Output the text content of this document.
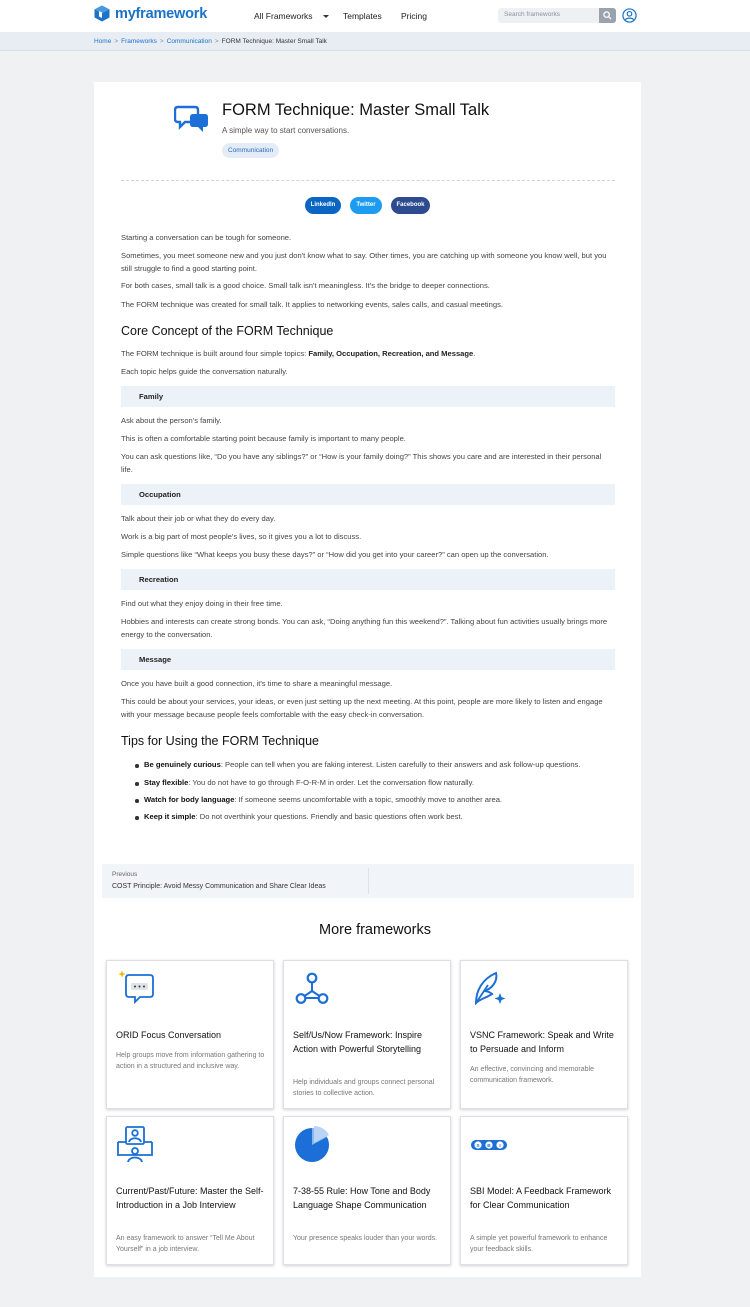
myframework	All Frameworks	Templates Pricing	Search frameworks
Home > Frameworks > Communication > FORM Technique: Master Small Talk
FORM Technique: Master Small Talk
A simple way to start conversations.
Communication
LinkedIn	Twitter	Facebook
Starting a conversation can be tough for someone.
Sometimes, you meet someone new and you just don't know what to say. Other times, you are catching up with someone you know well, but you still struggle to find a good starting point.
For both cases, small talk is a good choice. Small talk isn't meaningless. It's the bridge to deeper connections.
The FORM technique was created for small talk. It applies to networking events, sales calls, and casual meetings.
Core Concept of the FORM Technique
The FORM technique is built around four simple topics: Family, Occupation, Recreation, and Message.
Each topic helps guide the conversation naturally.
Family
Ask about the person's family.
This is often a comfortable starting point because family is important to many people.
You can ask questions like, “Do you have any siblings?” or “How is your family doing?” This shows you care and are interested in their personal life.
Occupation
Talk about their job or what they do every day.
Work is a big part of most people's lives, so it gives you a lot to discuss.
Simple questions like “What keeps you busy these days?” or “How did you get into your career?” can open up the conversation.
Recreation
Find out what they enjoy doing in their free time.
Hobbies and interests can create strong bonds. You can ask, “Doing anything fun this weekend?”. Talking about fun activities usually brings more energy to the conversation.
Message
Once you have built a good connection, it's time to share a meaningful message.
This could be about your services, your ideas, or even just setting up the next meeting. At this point, people are more likely to listen and engage with your message because people feels comfortable with the easy check-in conversation.
Tips for Using the FORM Technique
Be genuinely curious: People can tell when you are faking interest. Listen carefully to their answers and ask follow-up questions.
Stay flexible: You do not have to go through F-O-R-M in order. Let the conversation flow naturally.
Watch for body language: If someone seems uncomfortable with a topic, smoothly move to another area.
Keep it simple: Do not overthink your questions. Friendly and basic questions often work best.
Previous
COST Principle: Avoid Messy Communication and Share Clear Ideas
More frameworks
ORID Focus Conversation
Help groups move from information gathering to action in a structured and inclusive way.
Self/Us/Now Framework: Inspire Action with Powerful Storytelling
Help individuals and groups connect personal stories to collective action.
VSNC Framework: Speak and Write to Persuade and Inform
An effective, convincing and memorable communication framework.
Current/Past/Future: Master the Self-Introduction in a Job Interview
An easy framework to answer “Tell Me About Yourself” in a job interview.
7-38-55 Rule: How Tone and Body Language Shape Communication
Your presence speaks louder than your words.
S B I
SBI Model: A Feedback Framework for Clear Communication
A simple yet powerful framework to enhance your feedback skills.
